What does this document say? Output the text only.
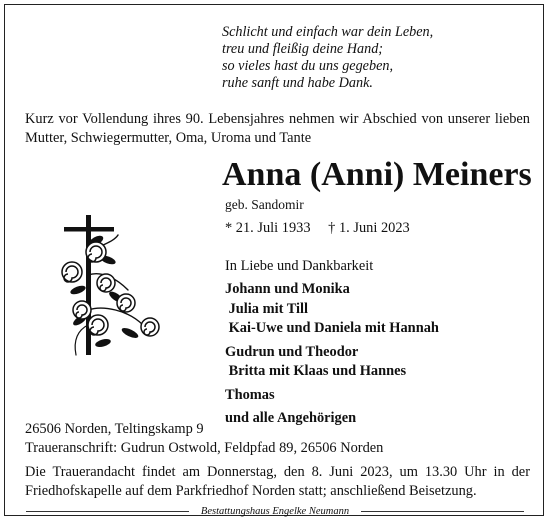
Schlicht und einfach war dein Leben,
treu und fleißig deine Hand;
so vieles hast du uns gegeben,
ruhe sanft und habe Dank.
Kurz vor Vollendung ihres 90. Lebensjahres nehmen wir Abschied von unserer lieben Mutter, Schwiegermutter, Oma, Uroma und Tante
Anna (Anni) Meiners
geb. Sandomir
* 21. Juli 1933 † 1. Juni 2023
In Liebe und Dankbarkeit
Johann und Monika
Julia mit Till
Kai-Uwe und Daniela mit Hannah
Gudrun und Theodor
Britta mit Klaas und Hannes
Thomas
und alle Angehörigen
26506 Norden, Teltingskamp 9
Traueranschrift: Gudrun Ostwold, Feldpfad 89, 26506 Norden
Die Trauerandacht findet am Donnerstag, den 8. Juni 2023, um 13.30 Uhr in der Friedhofskapelle auf dem Parkfriedhof Norden statt; anschließend Beisetzung.
Bestattungshaus Engelke Neumann
